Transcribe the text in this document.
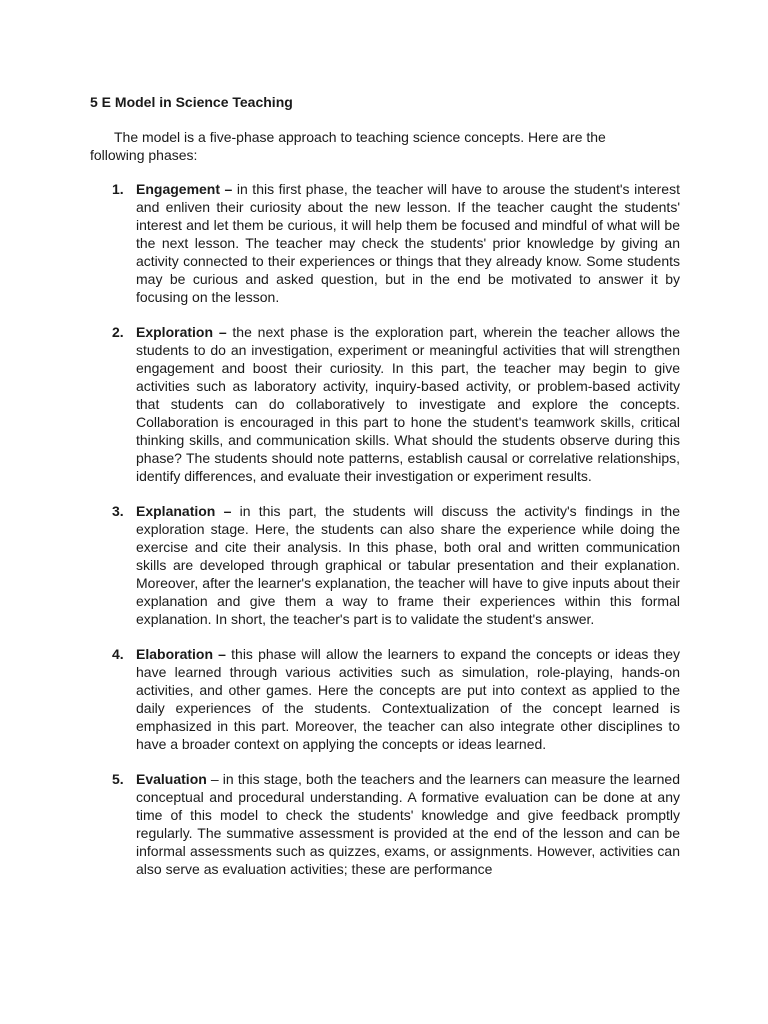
5 E Model in Science Teaching

The model is a five-phase approach to teaching science concepts. Here are the following phases:

1. Engagement – in this first phase, the teacher will have to arouse the student's interest and enliven their curiosity about the new lesson. If the teacher caught the students' interest and let them be curious, it will help them be focused and mindful of what will be the next lesson. The teacher may check the students' prior knowledge by giving an activity connected to their experiences or things that they already know. Some students may be curious and asked question, but in the end be motivated to answer it by focusing on the lesson.
2. Exploration – the next phase is the exploration part, wherein the teacher allows the students to do an investigation, experiment or meaningful activities that will strengthen engagement and boost their curiosity. In this part, the teacher may begin to give activities such as laboratory activity, inquiry-based activity, or problem-based activity that students can do collaboratively to investigate and explore the concepts. Collaboration is encouraged in this part to hone the student's teamwork skills, critical thinking skills, and communication skills. What should the students observe during this phase? The students should note patterns, establish causal or correlative relationships, identify differences, and evaluate their investigation or experiment results.
3. Explanation – in this part, the students will discuss the activity's findings in the exploration stage. Here, the students can also share the experience while doing the exercise and cite their analysis. In this phase, both oral and written communication skills are developed through graphical or tabular presentation and their explanation. Moreover, after the learner's explanation, the teacher will have to give inputs about their explanation and give them a way to frame their experiences within this formal explanation. In short, the teacher's part is to validate the student's answer.
4. Elaboration – this phase will allow the learners to expand the concepts or ideas they have learned through various activities such as simulation, role-playing, hands-on activities, and other games. Here the concepts are put into context as applied to the daily experiences of the students. Contextualization of the concept learned is emphasized in this part. Moreover, the teacher can also integrate other disciplines to have a broader context on applying the concepts or ideas learned.
5. Evaluation – in this stage, both the teachers and the learners can measure the learned conceptual and procedural understanding. A formative evaluation can be done at any time of this model to check the students' knowledge and give feedback promptly regularly. The summative assessment is provided at the end of the lesson and can be informal assessments such as quizzes, exams, or assignments. However, activities can also serve as evaluation activities; these are performance
